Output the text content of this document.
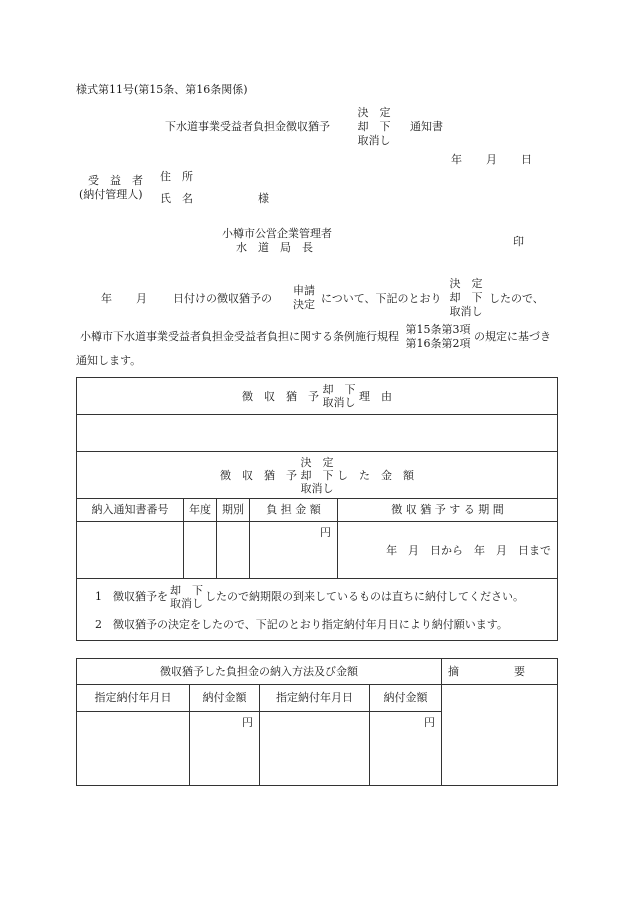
様式第11号(第15条、第16条関係)
下水道事業受益者負担金徴収猶予
決　定
却　下
取消し
通知書
年 月 日
受　益　者
(納付管理人)
住　所
氏　名	様
小樽市公営企業管理者
水　道　局　長	印
年 月 日付けの徴収猶予の
申請
決定 について、下記のとおり
決　定
却　下
取消し
したので、
小樽市下水道事業受益者負担金受益者負担に関する条例施行規程
第15条第3項
第16条第2項
の規定に基づき
通知します。
徴　収　猶　予 却　下
取消し 理　由				

徴　収　猶　予
決　定
却　下
取消し
し　た　金　額				
納入通知書番号	年度	期別	負 担 金 額	徴 収 猶 予 す る 期 間
			円	年　月　日から　年　月　日まで

1　徴収猶予を 却　下
取消し
したので納期限の到来しているものは直ちに納付してください。
2　徴収猶予の決定をしたので、下記のとおり指定納付年月日により納付願います。				
徴収猶予した負担金の納入方法及び金額				摘　　　　　要
指定納付年月日	納付金額	指定納付年月日	納付金額	
	円		円	
